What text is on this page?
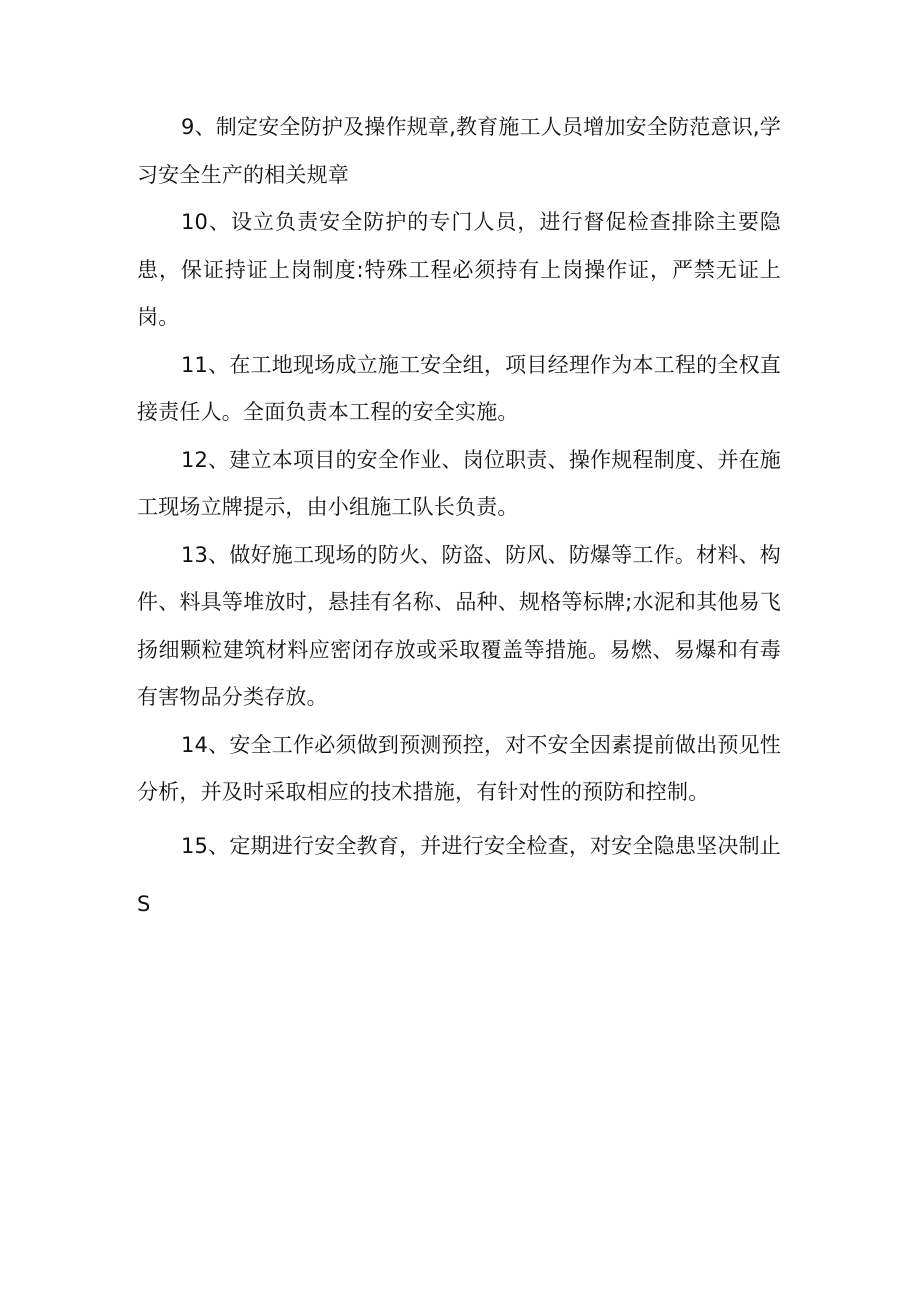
9、制定安全防护及操作规章,教育施工人员增加安全防范意识,学习安全生产的相关规章

10、设立负责安全防护的专门人员，进行督促检查排除主要隐患，保证持证上岗制度:特殊工程必须持有上岗操作证，严禁无证上岗。

11、在工地现场成立施工安全组，项目经理作为本工程的全权直接责任人。全面负责本工程的安全实施。

12、建立本项目的安全作业、岗位职责、操作规程制度、并在施工现场立牌提示，由小组施工队长负责。

13、做好施工现场的防火、防盗、防风、防爆等工作。材料、构件、料具等堆放时，悬挂有名称、品种、规格等标牌;水泥和其他易飞扬细颗粒建筑材料应密闭存放或采取覆盖等措施。易燃、易爆和有毒有害物品分类存放。

14、安全工作必须做到预测预控，对不安全因素提前做出预见性分析，并及时采取相应的技术措施，有针对性的预防和控制。

15、定期进行安全教育，并进行安全检查，对安全隐患坚决制止S
